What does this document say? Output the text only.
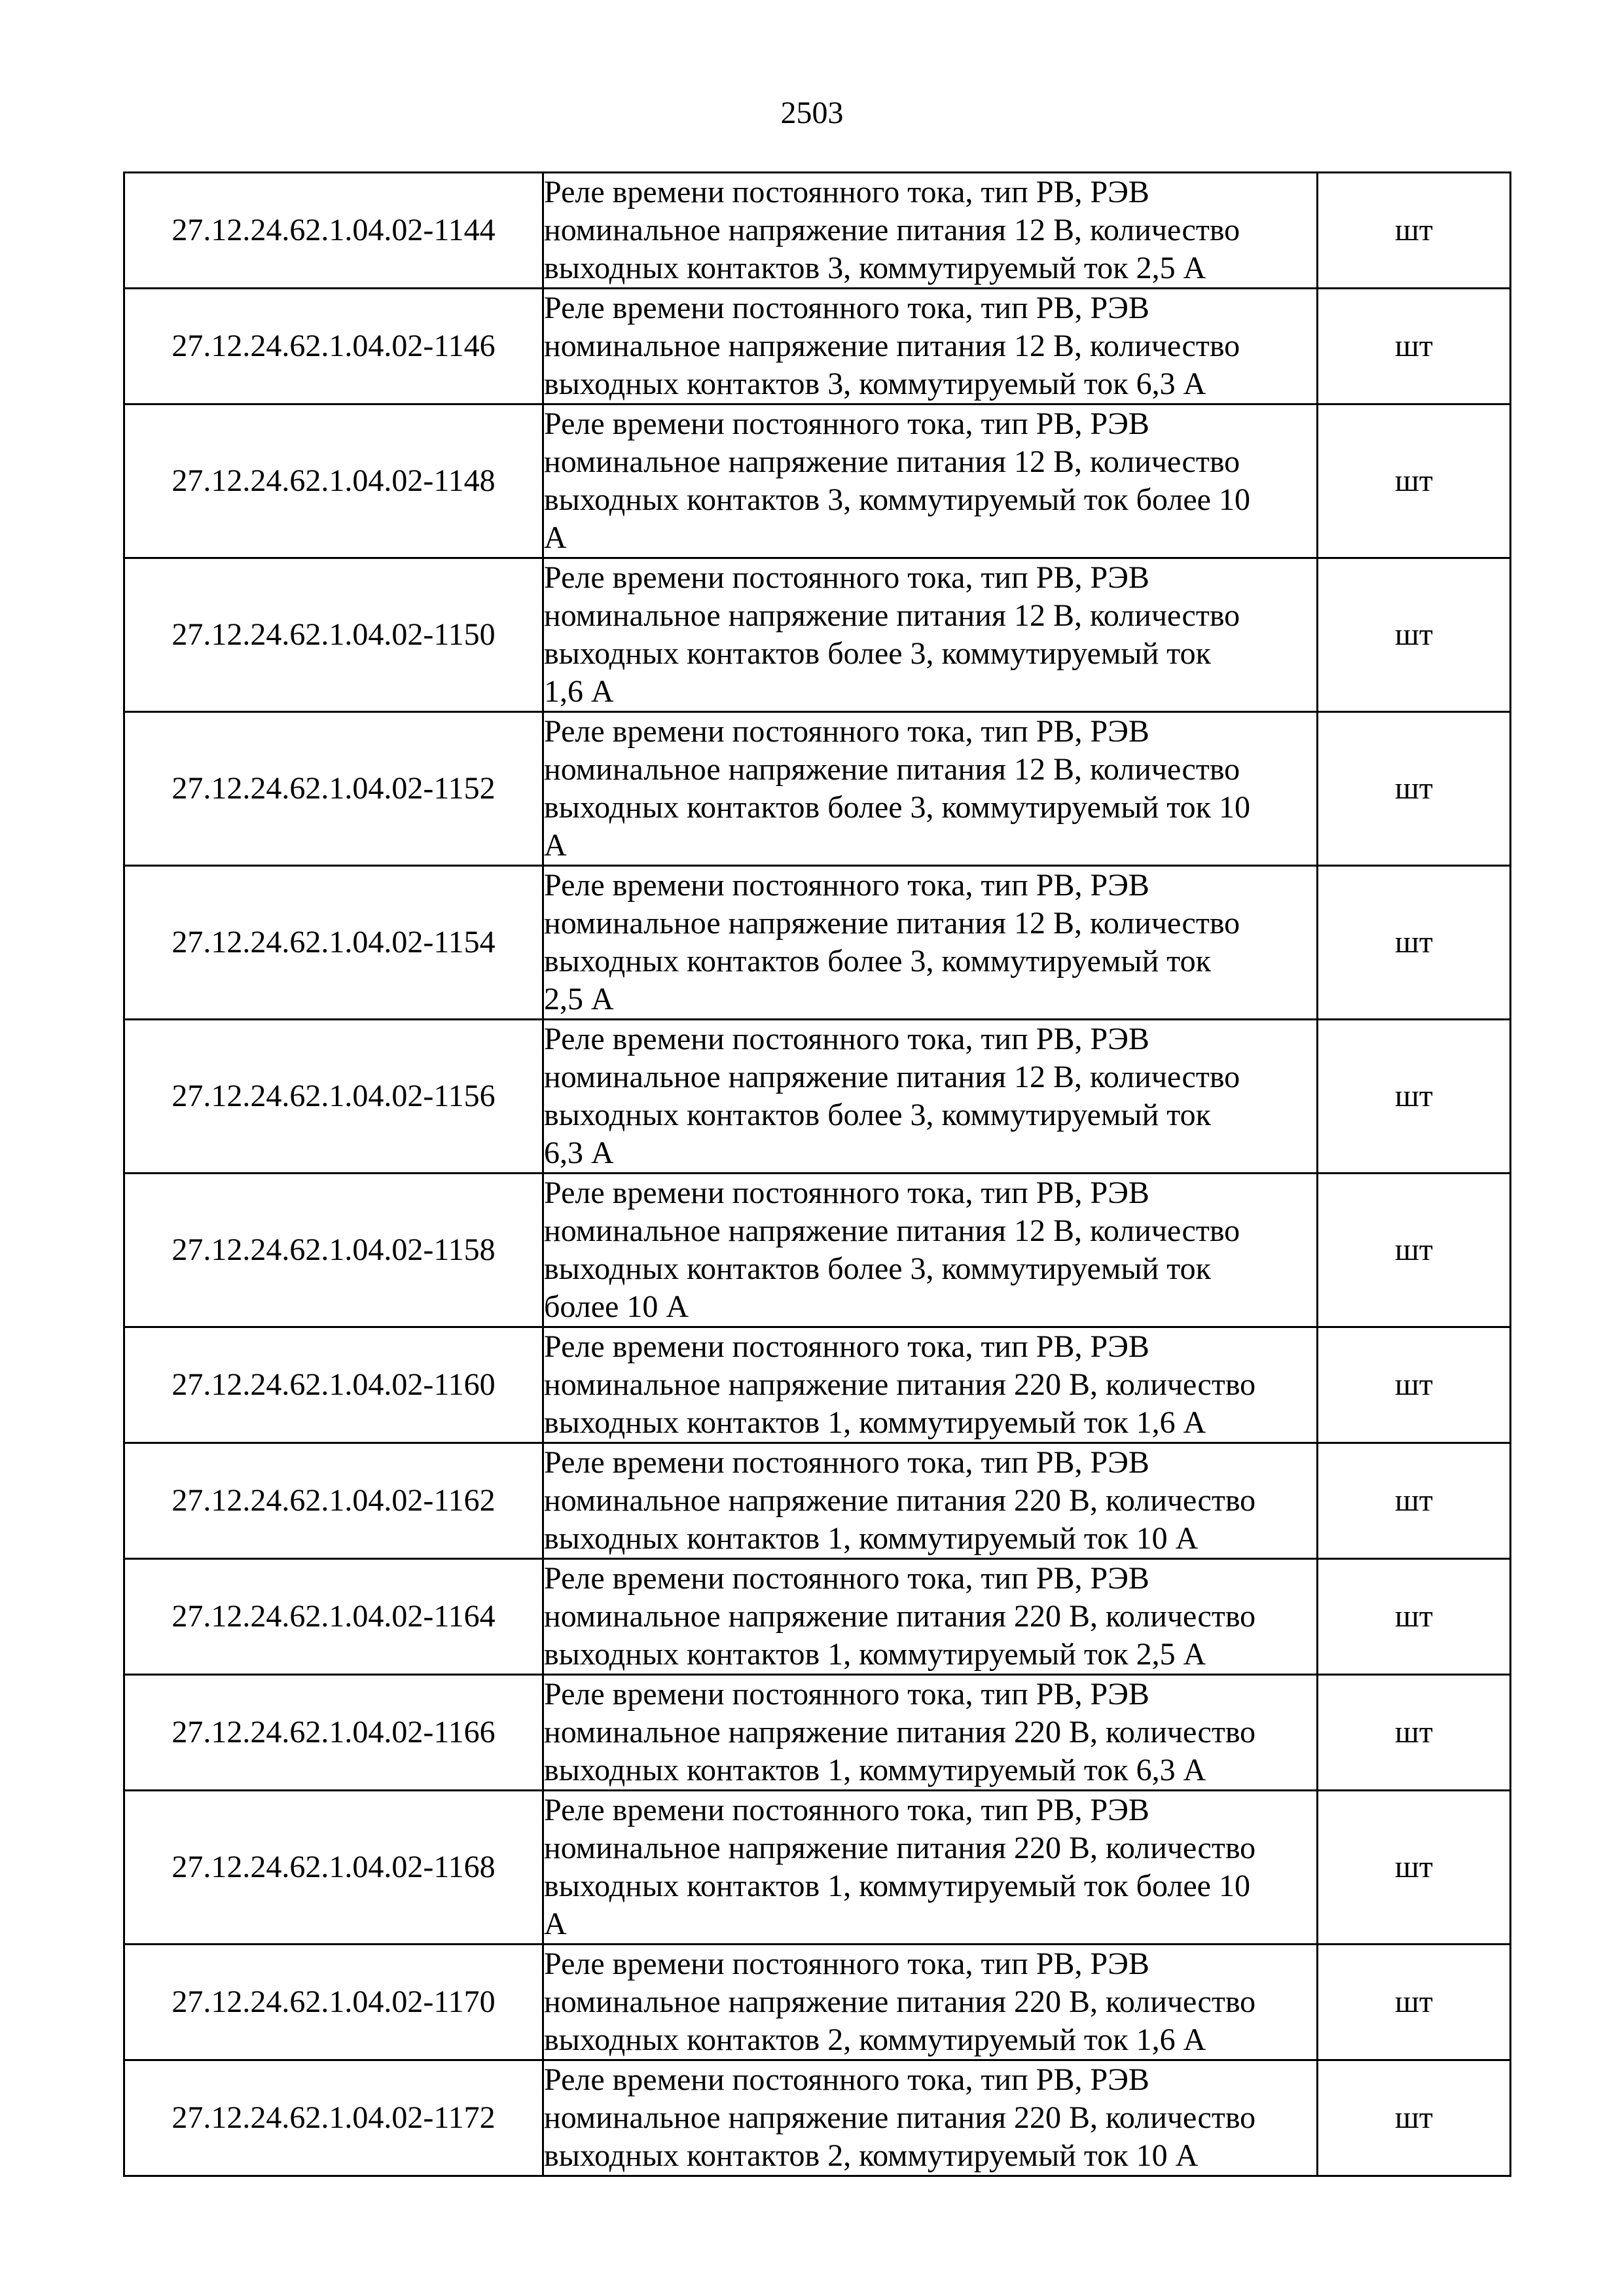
2503
27.12.24.62.1.04.02-1144	Реле времени постоянного тока, тип РВ, РЭВ
номинальное напряжение питания 12 В, количество
выходных контактов 3, коммутируемый ток 2,5 А	шт
27.12.24.62.1.04.02-1146	Реле времени постоянного тока, тип РВ, РЭВ
номинальное напряжение питания 12 В, количество
выходных контактов 3, коммутируемый ток 6,3 А	шт
27.12.24.62.1.04.02-1148	Реле времени постоянного тока, тип РВ, РЭВ
номинальное напряжение питания 12 В, количество
выходных контактов 3, коммутируемый ток более 10
А	шт
27.12.24.62.1.04.02-1150	Реле времени постоянного тока, тип РВ, РЭВ
номинальное напряжение питания 12 В, количество
выходных контактов более 3, коммутируемый ток
1,6 А	шт
27.12.24.62.1.04.02-1152	Реле времени постоянного тока, тип РВ, РЭВ
номинальное напряжение питания 12 В, количество
выходных контактов более 3, коммутируемый ток 10
А	шт
27.12.24.62.1.04.02-1154	Реле времени постоянного тока, тип РВ, РЭВ
номинальное напряжение питания 12 В, количество
выходных контактов более 3, коммутируемый ток
2,5 А	шт
27.12.24.62.1.04.02-1156	Реле времени постоянного тока, тип РВ, РЭВ
номинальное напряжение питания 12 В, количество
выходных контактов более 3, коммутируемый ток
6,3 А	шт
27.12.24.62.1.04.02-1158	Реле времени постоянного тока, тип РВ, РЭВ
номинальное напряжение питания 12 В, количество
выходных контактов более 3, коммутируемый ток
более 10 А	шт
27.12.24.62.1.04.02-1160	Реле времени постоянного тока, тип РВ, РЭВ
номинальное напряжение питания 220 В, количество
выходных контактов 1, коммутируемый ток 1,6 А	шт
27.12.24.62.1.04.02-1162	Реле времени постоянного тока, тип РВ, РЭВ
номинальное напряжение питания 220 В, количество
выходных контактов 1, коммутируемый ток 10 А	шт
27.12.24.62.1.04.02-1164	Реле времени постоянного тока, тип РВ, РЭВ
номинальное напряжение питания 220 В, количество
выходных контактов 1, коммутируемый ток 2,5 А	шт
27.12.24.62.1.04.02-1166	Реле времени постоянного тока, тип РВ, РЭВ
номинальное напряжение питания 220 В, количество
выходных контактов 1, коммутируемый ток 6,3 А	шт
27.12.24.62.1.04.02-1168	Реле времени постоянного тока, тип РВ, РЭВ
номинальное напряжение питания 220 В, количество
выходных контактов 1, коммутируемый ток более 10
А	шт
27.12.24.62.1.04.02-1170	Реле времени постоянного тока, тип РВ, РЭВ
номинальное напряжение питания 220 В, количество
выходных контактов 2, коммутируемый ток 1,6 А	шт
27.12.24.62.1.04.02-1172	Реле времени постоянного тока, тип РВ, РЭВ
номинальное напряжение питания 220 В, количество
выходных контактов 2, коммутируемый ток 10 А	шт
